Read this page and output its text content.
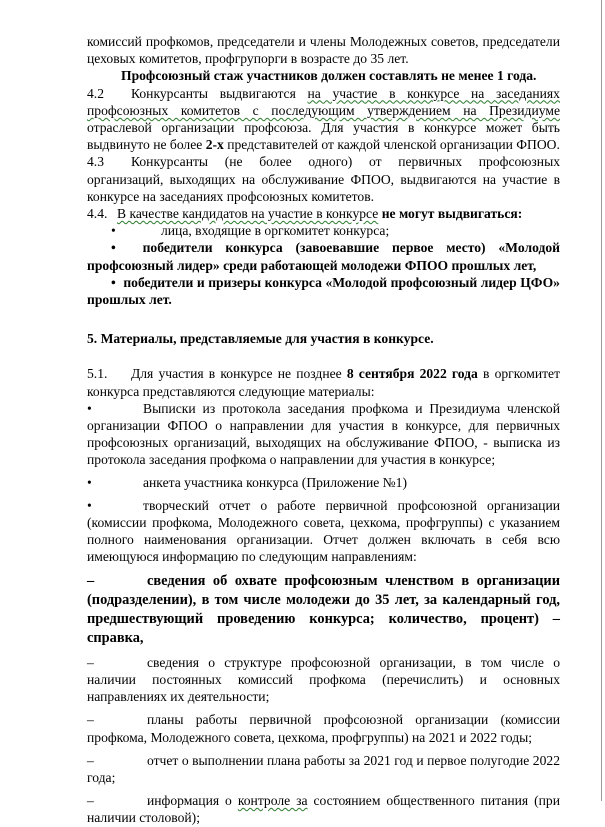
комиссий профкомов, председатели и члены Молодежных советов, председатели цеховых комитетов, профгрупорги в возрасте до 35 лет.

Профсоюзный стаж участников должен составлять не менее 1 года.

4.2 Конкурсанты выдвигаются на участие в конкурсе на заседаниях профсоюзных комитетов с последующим утверждением на Президиуме отраслевой организации профсоюза. Для участия в конкурсе может быть выдвинуто не более 2-х представителей от каждой членской организации ФПОО.

4.3 Конкурсанты (не более одного) от первичных профсоюзных организаций, выходящих на обслуживание ФПОО, выдвигаются на участие в конкурсе на заседаниях профсоюзных комитетов.

4.4. В качестве кандидатов на участие в конкурсе не могут выдвигаться:

•	лица, входящие в оргкомитет конкурса;

• победители конкурса (завоевавшие первое место) «Молодой профсоюзный лидер» среди работающей молодежи ФПОО прошлых лет,

• победители и призеры конкурса «Молодой профсоюзный лидер ЦФО» прошлых лет.

5. Материалы, представляемые для участия в конкурсе.

5.1. Для участия в конкурсе не позднее 8 сентября 2022 года в оргкомитет конкурса представляются следующие материалы:

•	Выписки из протокола заседания профкома и Президиума членской организации ФПОО о направлении для участия в конкурсе, для первичных профсоюзных организаций, выходящих на обслуживание ФПОО, - выписка из протокола заседания профкома о направлении для участия в конкурсе;

•	анкета участника конкурса (Приложение №1)

•	творческий отчет о работе первичной профсоюзной организации (комиссии профкома, Молодежного совета, цехкома, профгруппы) с указанием полного наименования организации. Отчет должен включать в себя всю имеющуюся информацию по следующим направлениям:

–	сведения об охвате профсоюзным членством в организации (подразделении), в том числе молодежи до 35 лет, за календарный год, предшествующий проведению конкурса; количество, процент) – справка,

–	сведения о структуре профсоюзной организации, в том числе о наличии постоянных комиссий профкома (перечислить) и основных направлениях их деятельности;

–	планы работы первичной профсоюзной организации (комиссии профкома, Молодежного совета, цехкома, профгруппы) на 2021 и 2022 годы;

–	отчет о выполнении плана работы за 2021 год и первое полугодие 2022 года;

–	информация о контроле за состоянием общественного питания (при наличии столовой);
